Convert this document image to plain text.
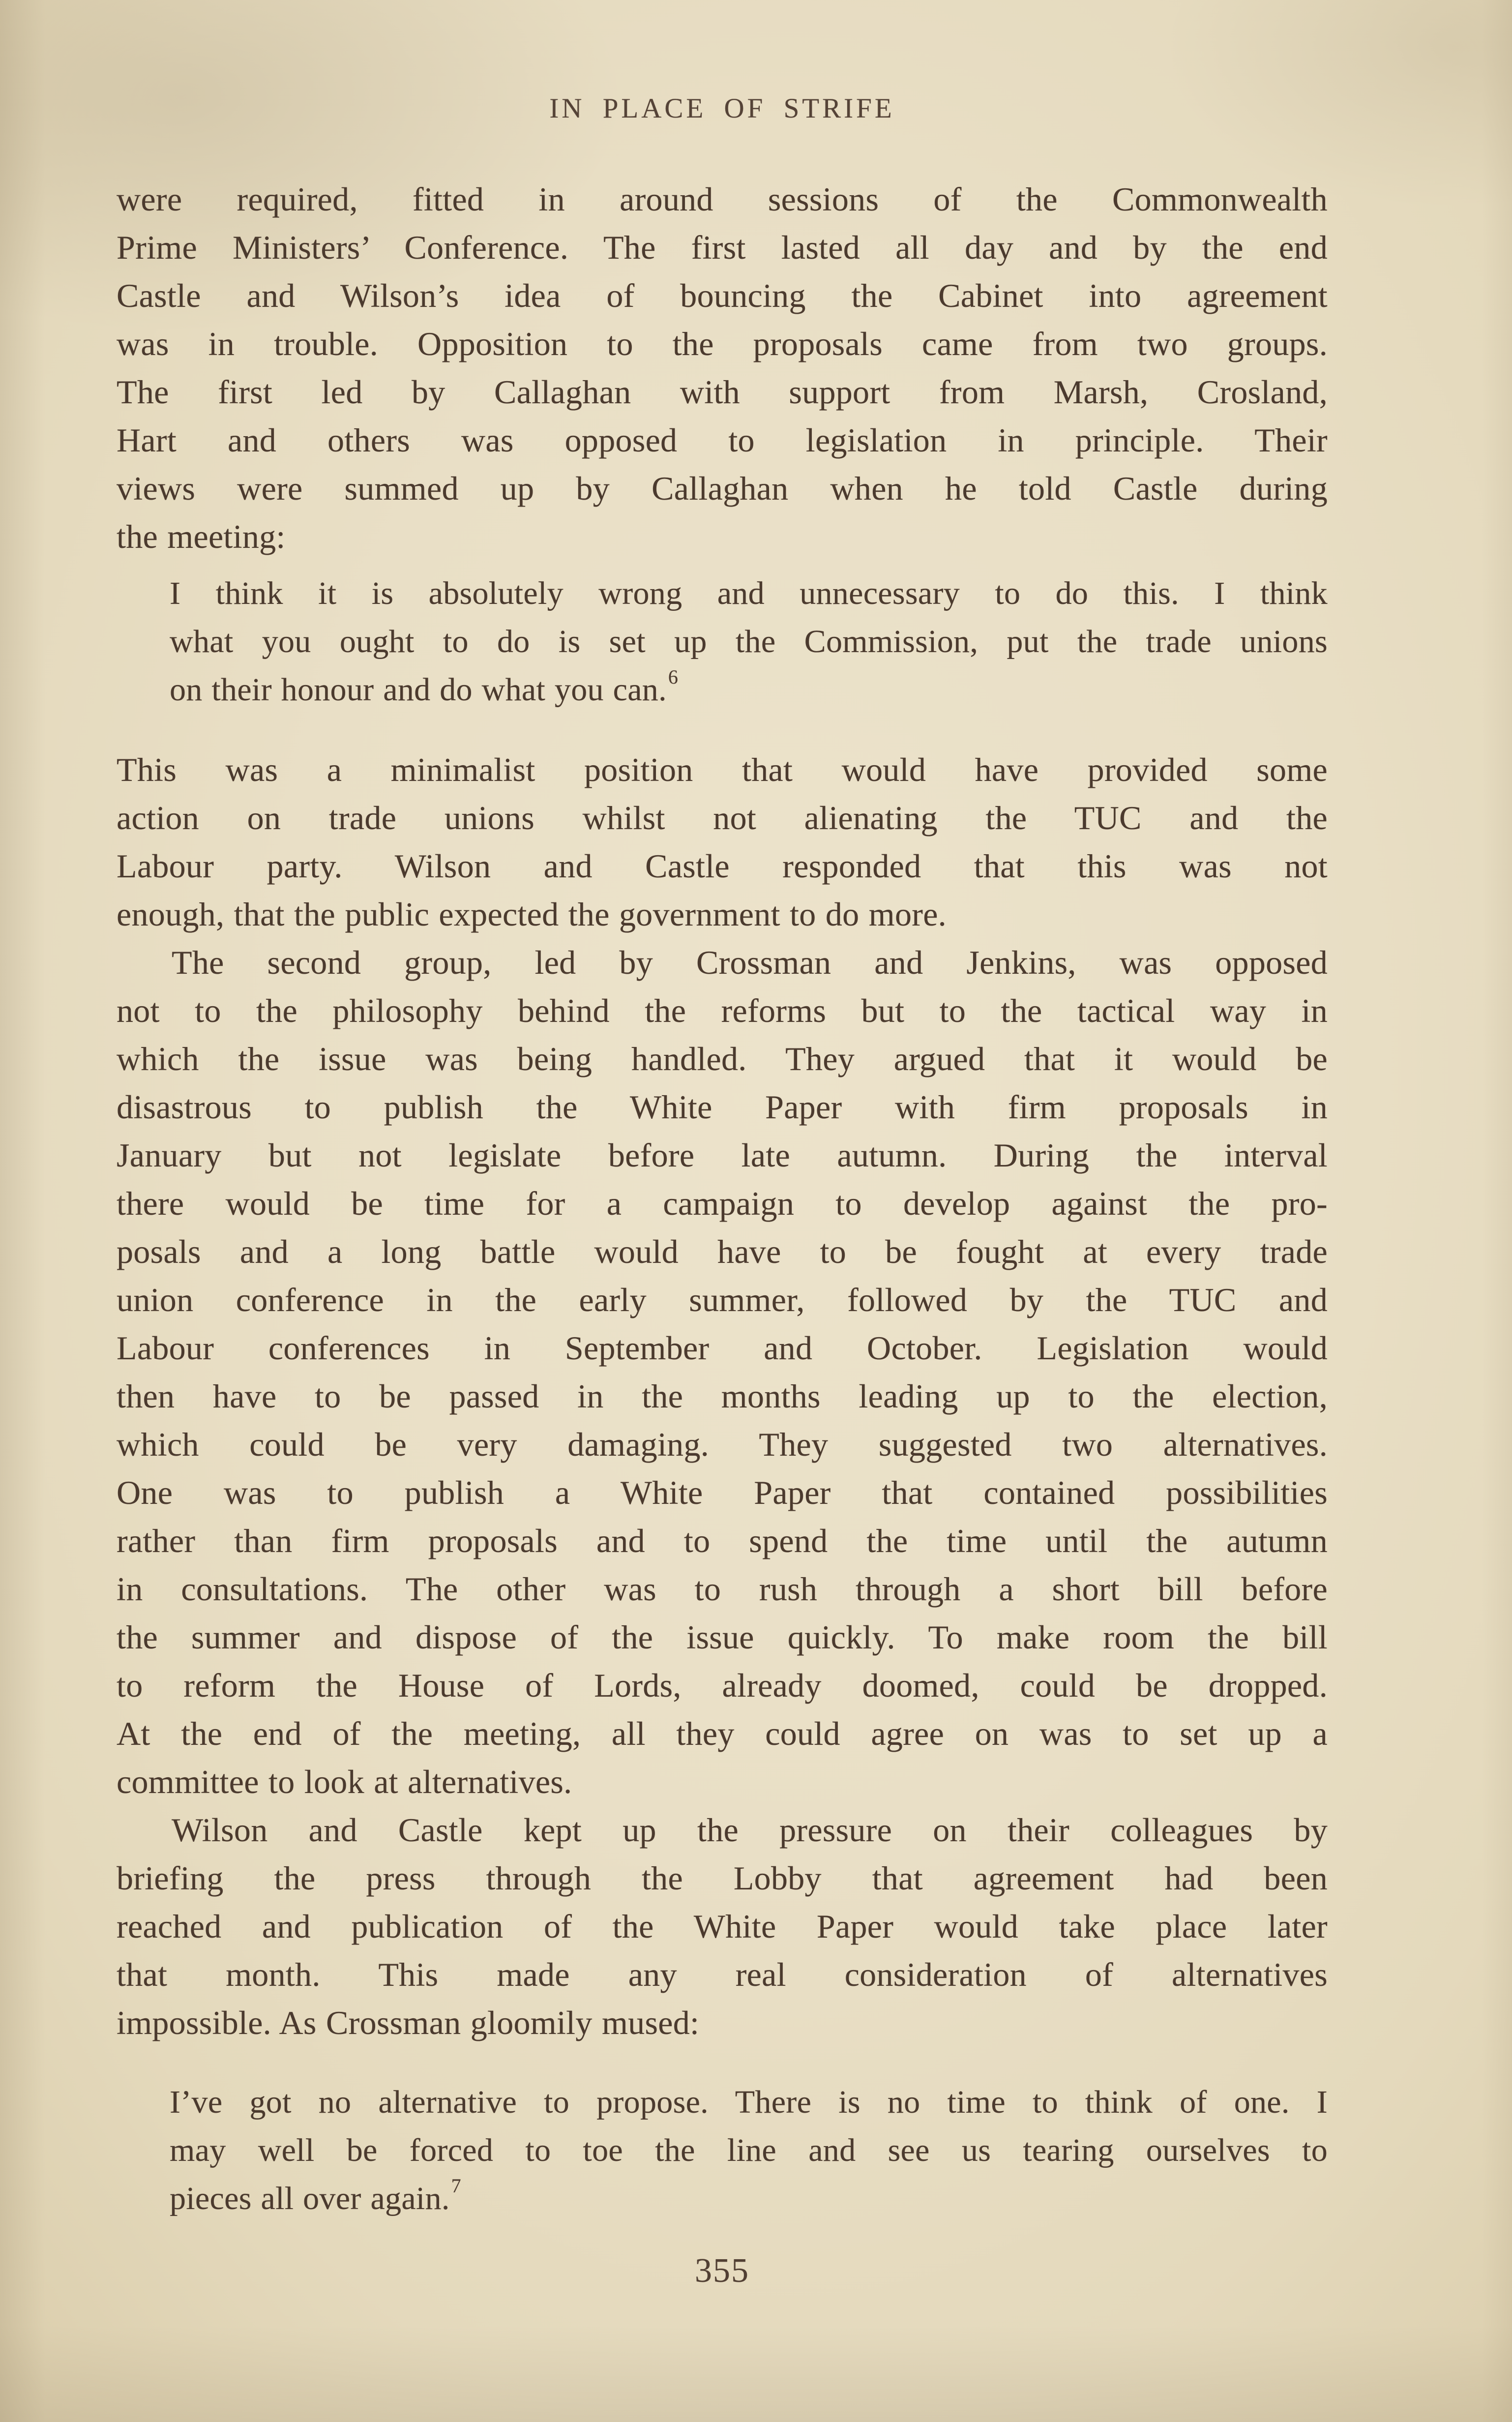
IN PLACE OF STRIFE
were required, fitted in around sessions of the Commonwealth
Prime Ministers’ Conference. The first lasted all day and by the end
Castle and Wilson’s idea of bouncing the Cabinet into agreement
was in trouble. Opposition to the proposals came from two groups.
The first led by Callaghan with support from Marsh, Crosland,
Hart and others was opposed to legislation in principle. Their
views were summed up by Callaghan when he told Castle during
the meeting:
I think it is absolutely wrong and unnecessary to do this. I think
what you ought to do is set up the Commission, put the trade unions
on their honour and do what you can.$^6$
This was a minimalist position that would have provided some
action on trade unions whilst not alienating the TUC and the
Labour party. Wilson and Castle responded that this was not
enough, that the public expected the government to do more.
The second group, led by Crossman and Jenkins, was opposed
not to the philosophy behind the reforms but to the tactical way in
which the issue was being handled. They argued that it would be
disastrous to publish the White Paper with firm proposals in
January but not legislate before late autumn. During the interval
there would be time for a campaign to develop against the pro-
posals and a long battle would have to be fought at every trade
union conference in the early summer, followed by the TUC and
Labour conferences in September and October. Legislation would
then have to be passed in the months leading up to the election,
which could be very damaging. They suggested two alternatives.
One was to publish a White Paper that contained possibilities
rather than firm proposals and to spend the time until the autumn
in consultations. The other was to rush through a short bill before
the summer and dispose of the issue quickly. To make room the bill
to reform the House of Lords, already doomed, could be dropped.
At the end of the meeting, all they could agree on was to set up a
committee to look at alternatives.
Wilson and Castle kept up the pressure on their colleagues by
briefing the press through the Lobby that agreement had been
reached and publication of the White Paper would take place later
that month. This made any real consideration of alternatives
impossible. As Crossman gloomily mused:
I’ve got no alternative to propose. There is no time to think of one. I
may well be forced to toe the line and see us tearing ourselves to
pieces all over again.$^7$
355
